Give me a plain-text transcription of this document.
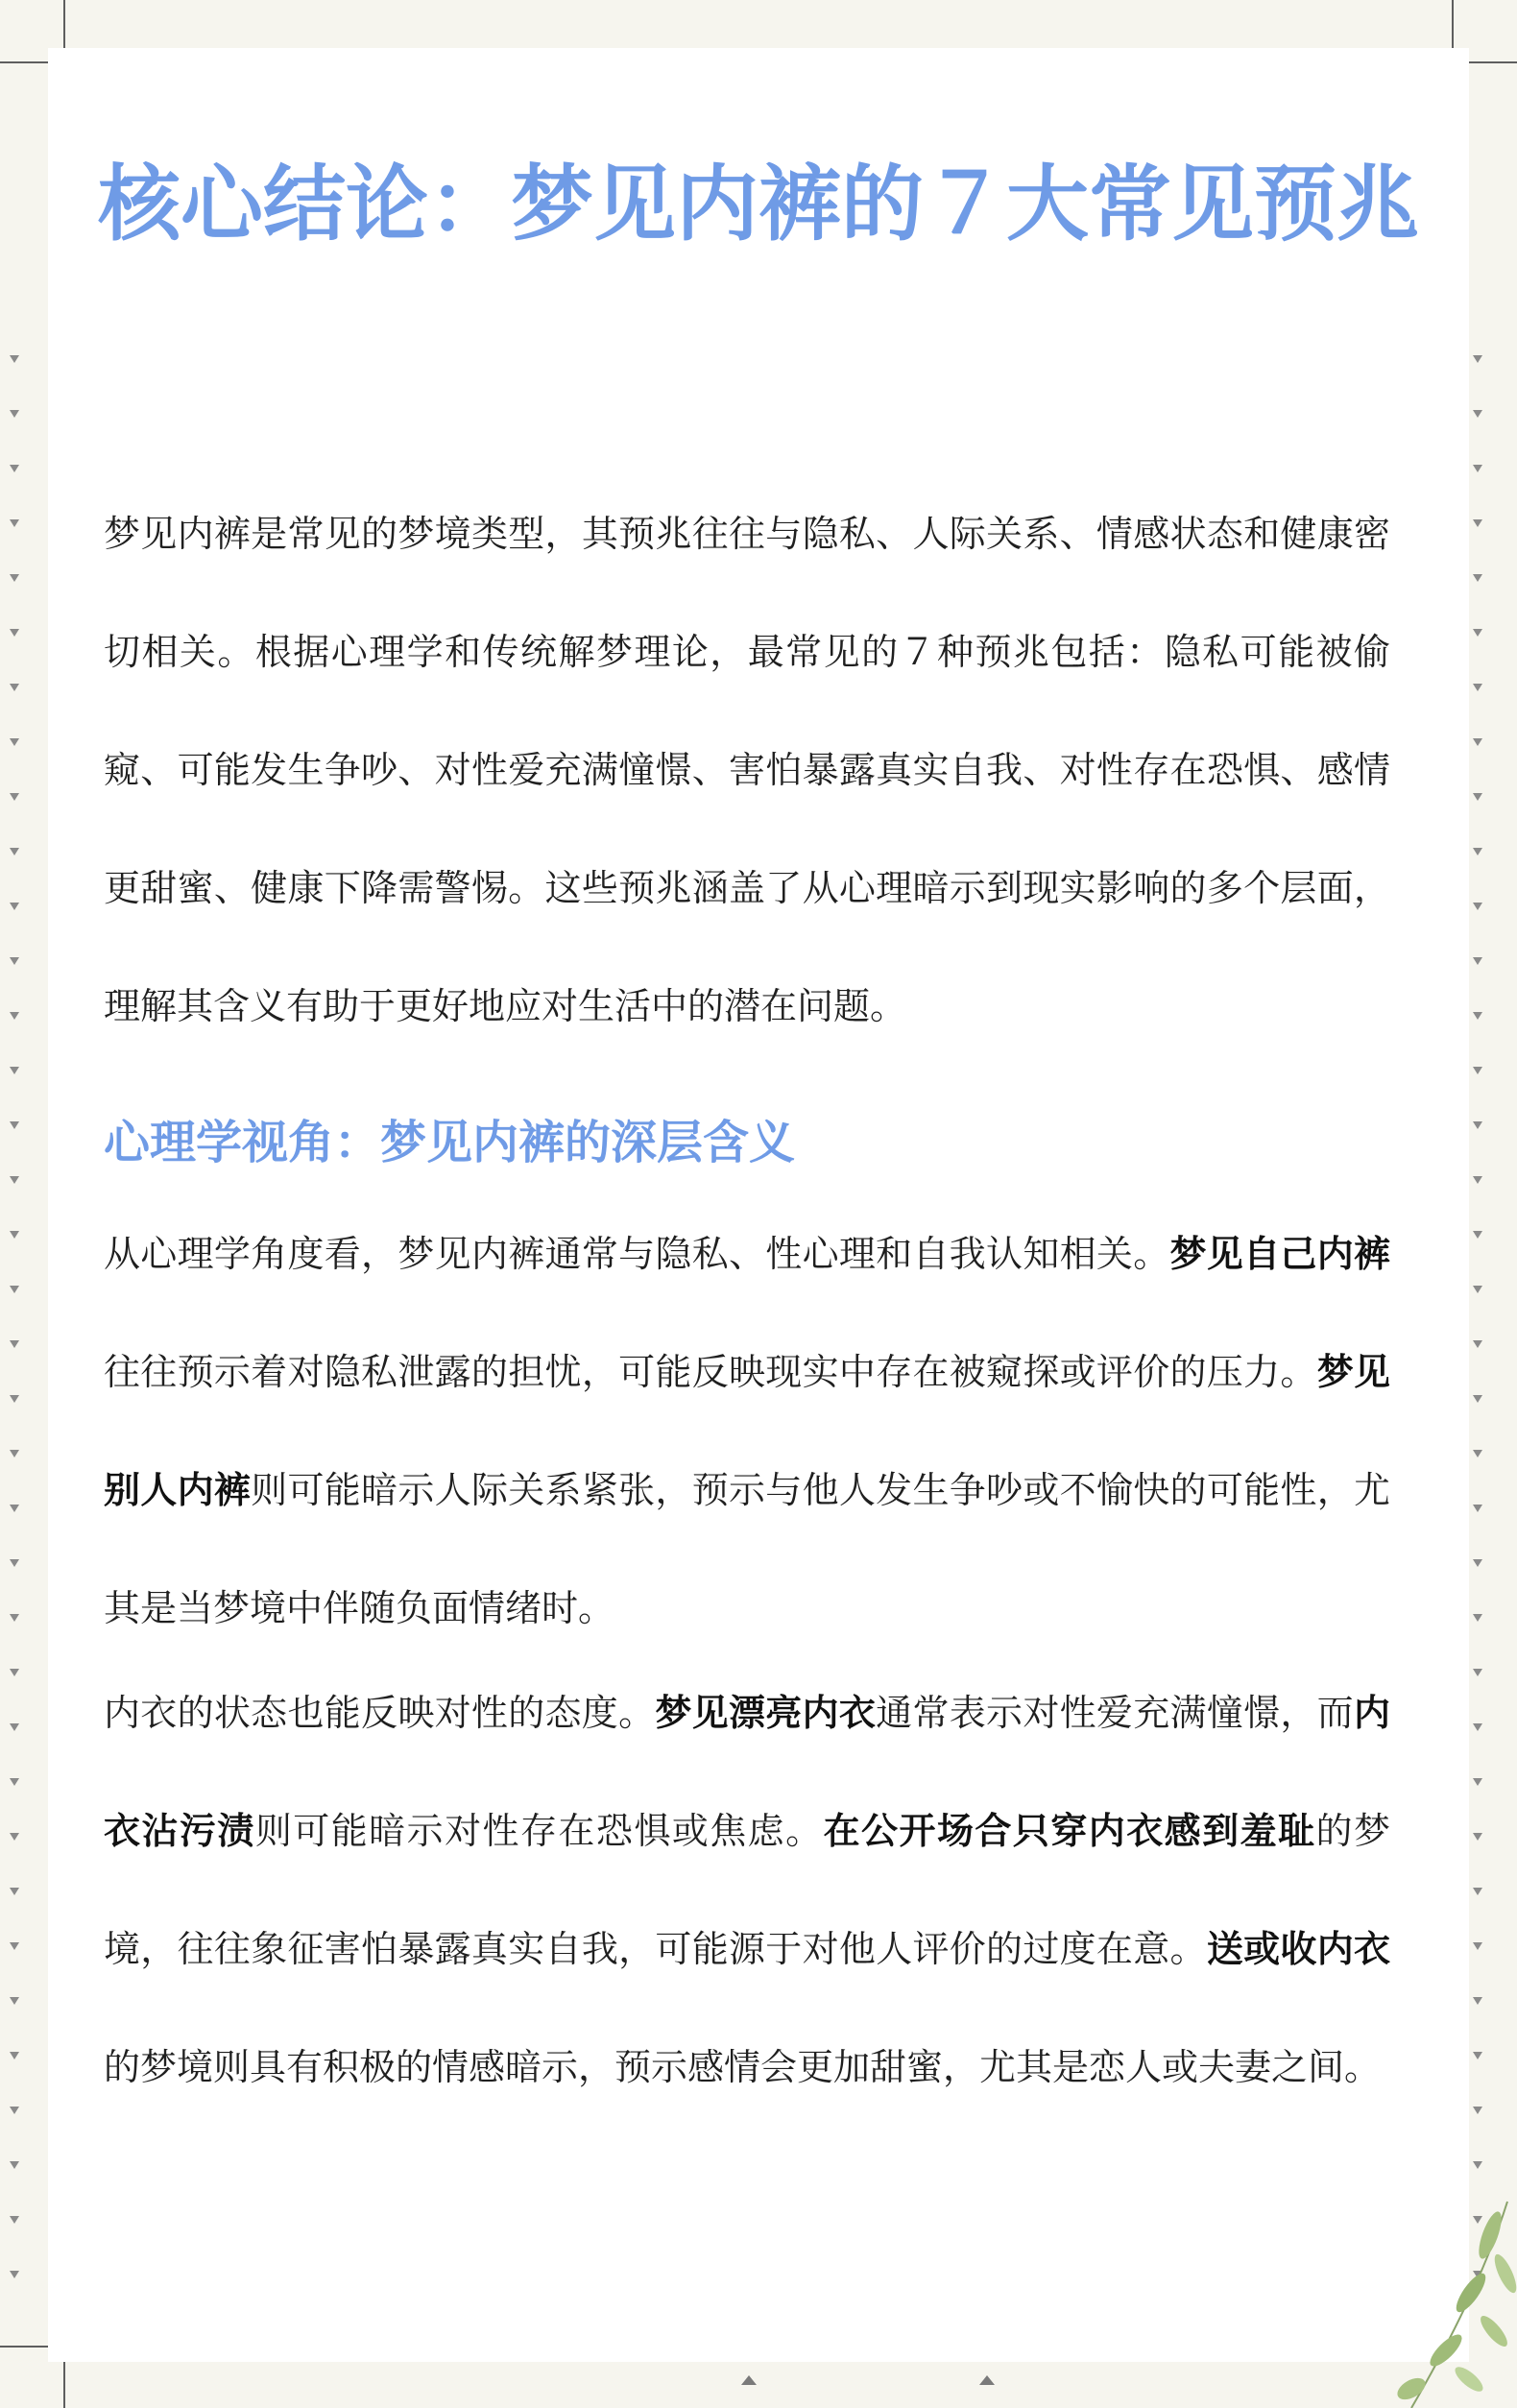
核心结论：梦见内裤的７大常见预兆

梦见内裤是常见的梦境类型，其预兆往往与隐私、人际关系、情感状态和健康密切相关。根据心理学和传统解梦理论，最常见的７种预兆包括：隐私可能被偷窥、可能发生争吵、对性爱充满憧憬、害怕暴露真实自我、对性存在恐惧、感情更甜蜜、健康下降需警惕。这些预兆涵盖了从心理暗示到现实影响的多个层面，理解其含义有助于更好地应对生活中的潜在问题。

心理学视角：梦见内裤的深层含义

从心理学角度看，梦见内裤通常与隐私、性心理和自我认知相关。梦见自己内裤往往预示着对隐私泄露的担忧，可能反映现实中存在被窥探或评价的压力。梦见别人内裤则可能暗示人际关系紧张，预示与他人发生争吵或不愉快的可能性，尤其是当梦境中伴随负面情绪时。

内衣的状态也能反映对性的态度。梦见漂亮内衣通常表示对性爱充满憧憬，而内衣沾污渍则可能暗示对性存在恐惧或焦虑。在公开场合只穿内衣感到羞耻的梦境，往往象征害怕暴露真实自我，可能源于对他人评价的过度在意。送或收内衣的梦境则具有积极的情感暗示，预示感情会更加甜蜜，尤其是恋人或夫妻之间。
